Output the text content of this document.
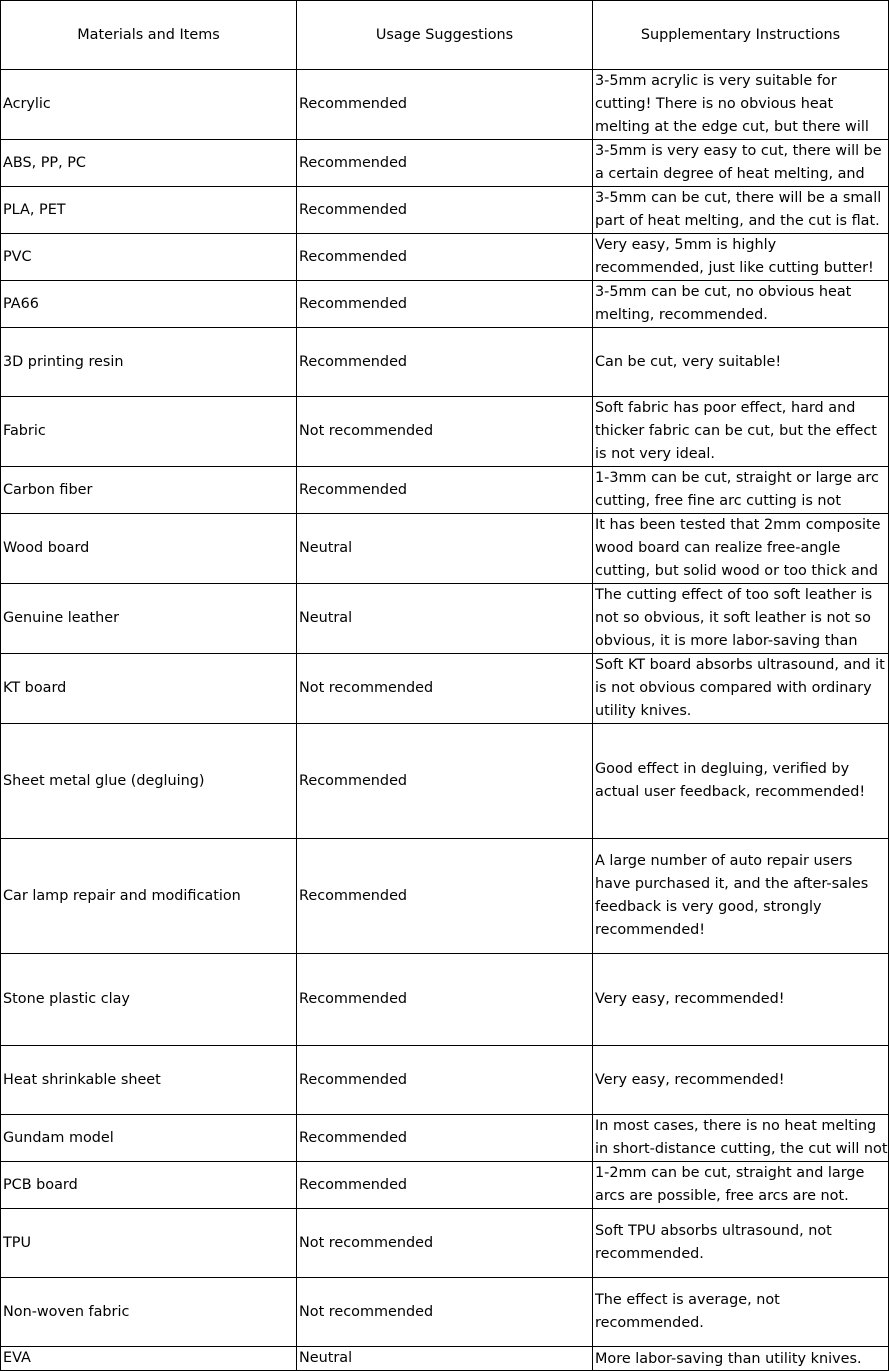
Materials and Items	Usage Suggestions	Supplementary Instructions
Acrylic	Recommended	3-5mm acrylic is very suitable for cutting! There is no obvious heat melting at the edge cut, but there will

ABS, PP, PC	Recommended	3-5mm is very easy to cut, there will be a certain degree of heat melting, and

PLA, PET	Recommended	3-5mm can be cut, there will be a small part of heat melting, and the cut is flat.

PVC	Recommended	Very easy, 5mm is highly recommended, just like cutting butter!

PA66	Recommended	3-5mm can be cut, no obvious heat melting, recommended.

3D printing resin	Recommended	Can be cut, very suitable!

Fabric	Not recommended	Soft fabric has poor effect, hard and thicker fabric can be cut, but the effect is not very ideal.

Carbon fiber	Recommended	1-3mm can be cut, straight or large arc cutting, free fine arc cutting is not

Wood board	Neutral	It has been tested that 2mm composite wood board can realize free-angle cutting, but solid wood or too thick and

Genuine leather	Neutral	The cutting effect of too soft leather is not so obvious, it soft leather is not so obvious, it is more labor-saving than

KT board	Not recommended	Soft KT board absorbs ultrasound, and it is not obvious compared with ordinary utility knives.

Sheet metal glue (degluing)	Recommended	Good effect in degluing, verified by actual user feedback, recommended!

Car lamp repair and modification	Recommended	A large number of auto repair users have purchased it, and the after-sales feedback is very good, strongly recommended!

Stone plastic clay	Recommended	Very easy, recommended!

Heat shrinkable sheet	Recommended	Very easy, recommended!

Gundam model	Recommended	In most cases, there is no heat melting in short-distance cutting, the cut will not

PCB board	Recommended	1-2mm can be cut, straight and large arcs are possible, free arcs are not.

TPU	Not recommended	Soft TPU absorbs ultrasound, not recommended.

Non-woven fabric	Not recommended	The effect is average, not recommended.

EVA	Neutral	More labor-saving than utility knives.
